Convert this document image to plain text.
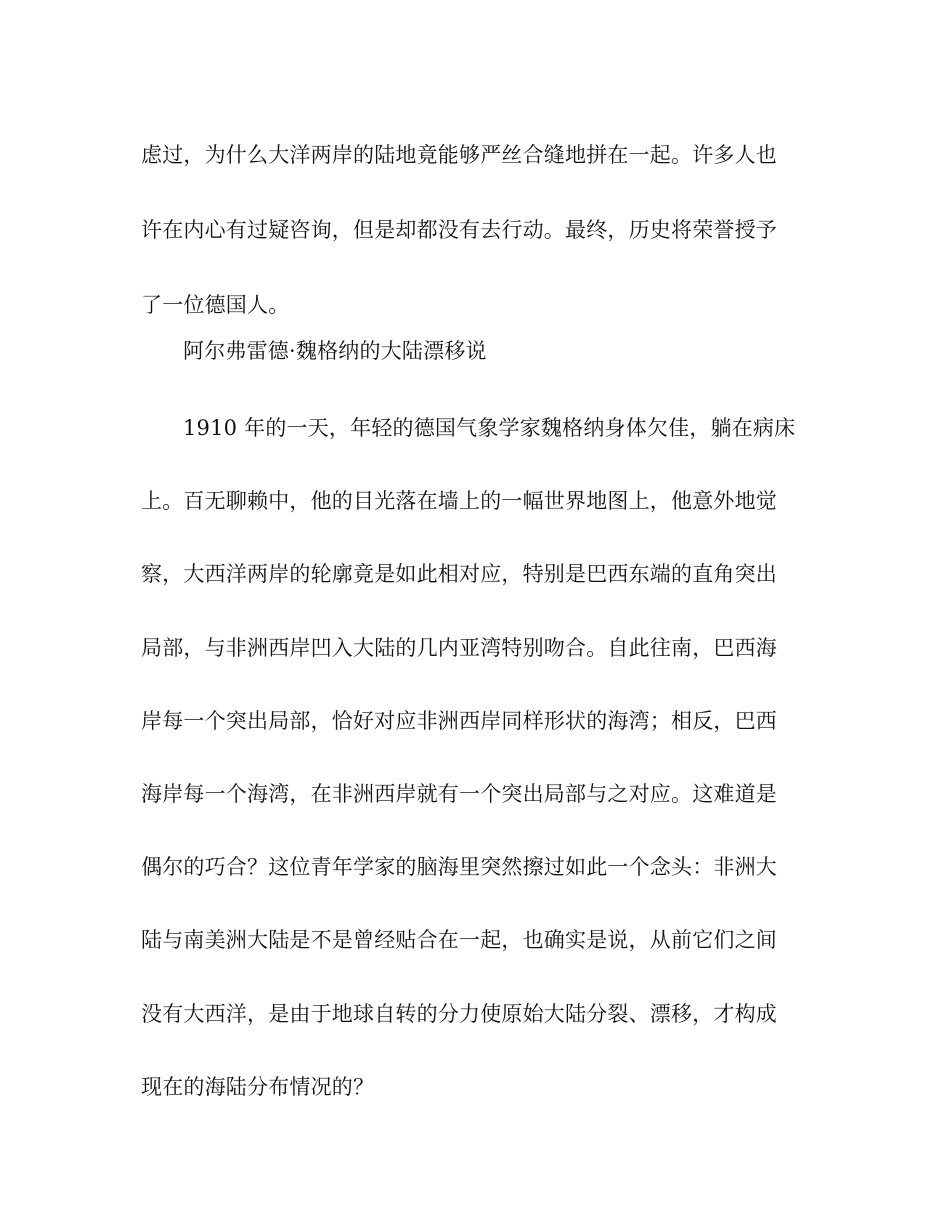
虑过，为什么大洋两岸的陆地竟能够严丝合缝地拼在一起。许多人也
许在内心有过疑咨询，但是却都没有去行动。最终，历史将荣誉授予
了一位德国人。
阿尔弗雷德·魏格纳的大陆漂移说
1910 年的一天，年轻的德国气象学家魏格纳身体欠佳，躺在病床
上。百无聊赖中，他的目光落在墙上的一幅世界地图上，他意外地觉
察，大西洋两岸的轮廓竟是如此相对应，特别是巴西东端的直角突出
局部，与非洲西岸凹入大陆的几内亚湾特别吻合。自此往南，巴西海
岸每一个突出局部，恰好对应非洲西岸同样形状的海湾；相反，巴西
海岸每一个海湾，在非洲西岸就有一个突出局部与之对应。这难道是
偶尔的巧合？这位青年学家的脑海里突然擦过如此一个念头：非洲大
陆与南美洲大陆是不是曾经贴合在一起，也确实是说，从前它们之间
没有大西洋，是由于地球自转的分力使原始大陆分裂、漂移，才构成
现在的海陆分布情况的？
